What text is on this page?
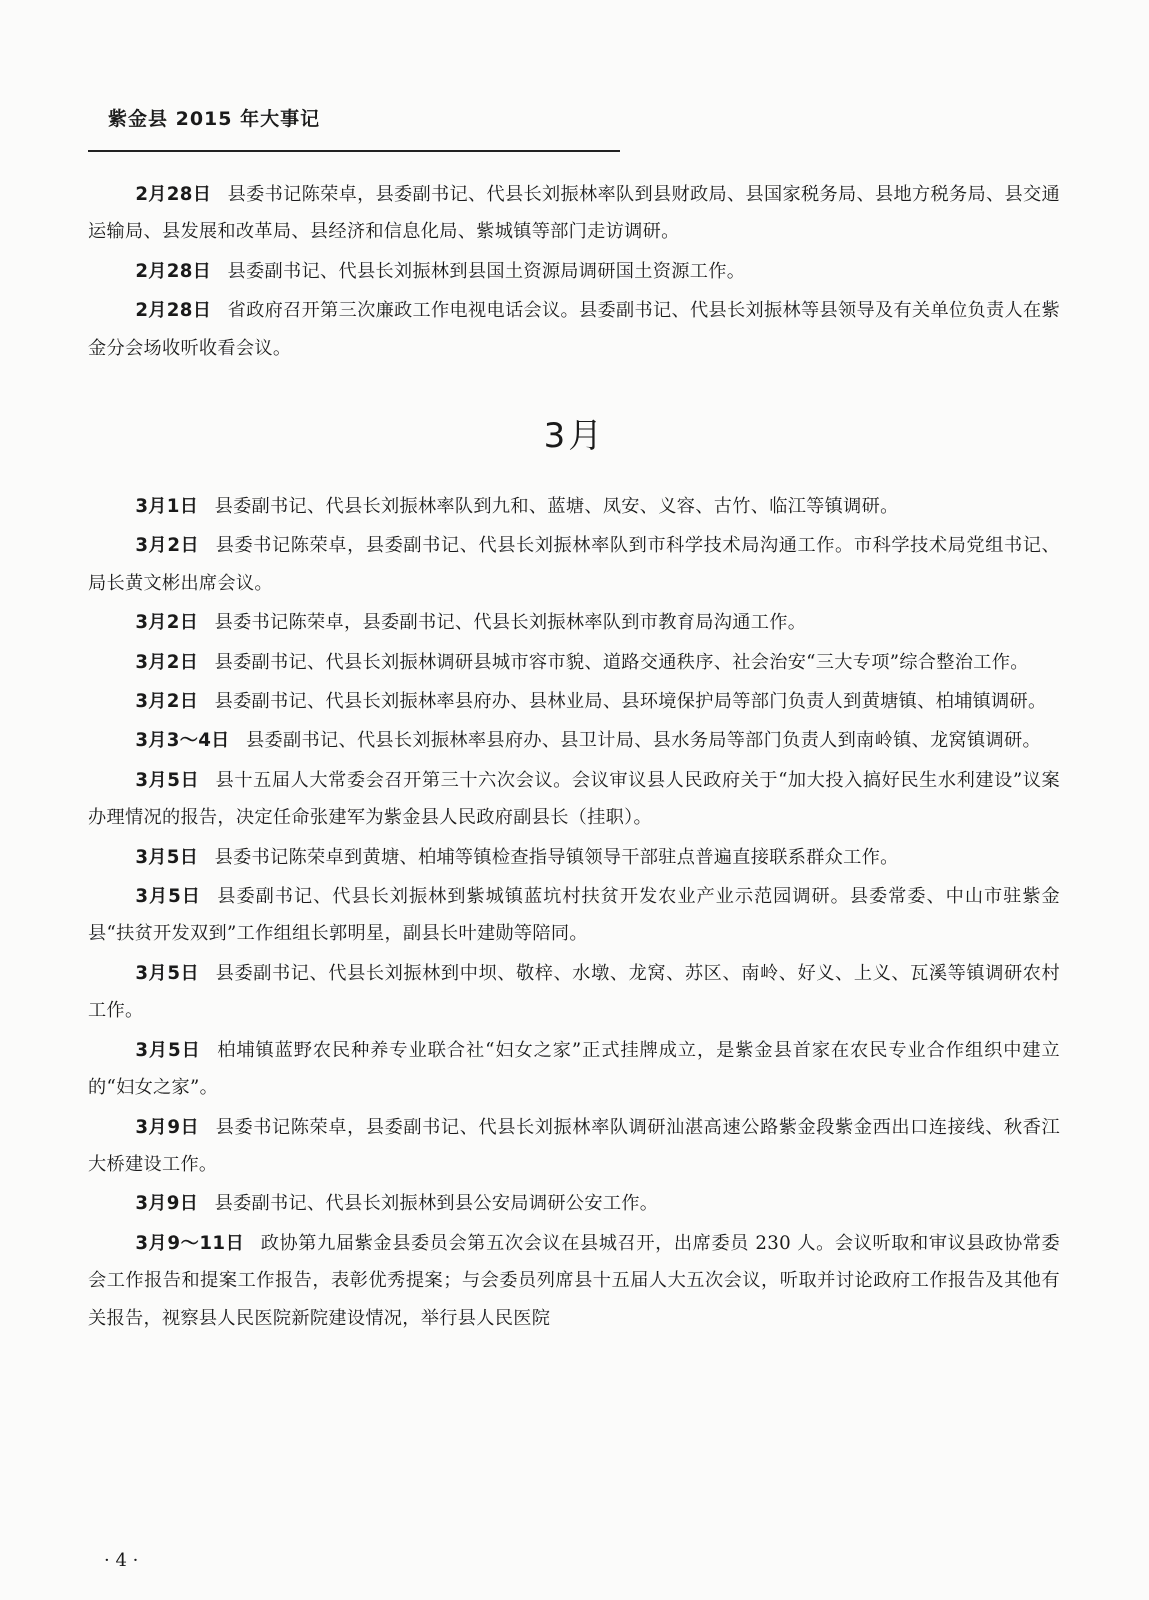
紫金县 2015 年大事记

2月28日 县委书记陈荣卓，县委副书记、代县长刘振林率队到县财政局、县国家税务局、县地方税务局、县交通运输局、县发展和改革局、县经济和信息化局、紫城镇等部门走访调研。

2月28日 县委副书记、代县长刘振林到县国土资源局调研国土资源工作。

2月28日 省政府召开第三次廉政工作电视电话会议。县委副书记、代县长刘振林等县领导及有关单位负责人在紫金分会场收听收看会议。

3月

3月1日 县委副书记、代县长刘振林率队到九和、蓝塘、凤安、义容、古竹、临江等镇调研。

3月2日 县委书记陈荣卓，县委副书记、代县长刘振林率队到市科学技术局沟通工作。市科学技术局党组书记、局长黄文彬出席会议。

3月2日 县委书记陈荣卓，县委副书记、代县长刘振林率队到市教育局沟通工作。

3月2日 县委副书记、代县长刘振林调研县城市容市貌、道路交通秩序、社会治安“三大专项”综合整治工作。

3月2日 县委副书记、代县长刘振林率县府办、县林业局、县环境保护局等部门负责人到黄塘镇、柏埔镇调研。

3月3～4日 县委副书记、代县长刘振林率县府办、县卫计局、县水务局等部门负责人到南岭镇、龙窝镇调研。

3月5日 县十五届人大常委会召开第三十六次会议。会议审议县人民政府关于“加大投入搞好民生水利建设”议案办理情况的报告，决定任命张建军为紫金县人民政府副县长（挂职）。

3月5日 县委书记陈荣卓到黄塘、柏埔等镇检查指导镇领导干部驻点普遍直接联系群众工作。

3月5日 县委副书记、代县长刘振林到紫城镇蓝坑村扶贫开发农业产业示范园调研。县委常委、中山市驻紫金县“扶贫开发双到”工作组组长郭明星，副县长叶建勋等陪同。

3月5日 县委副书记、代县长刘振林到中坝、敬梓、水墩、龙窝、苏区、南岭、好义、上义、瓦溪等镇调研农村工作。

3月5日 柏埔镇蓝野农民种养专业联合社“妇女之家”正式挂牌成立，是紫金县首家在农民专业合作组织中建立的“妇女之家”。

3月9日 县委书记陈荣卓，县委副书记、代县长刘振林率队调研汕湛高速公路紫金段紫金西出口连接线、秋香江大桥建设工作。

3月9日 县委副书记、代县长刘振林到县公安局调研公安工作。

3月9～11日 政协第九届紫金县委员会第五次会议在县城召开，出席委员 230 人。会议听取和审议县政协常委会工作报告和提案工作报告，表彰优秀提案；与会委员列席县十五届人大五次会议，听取并讨论政府工作报告及其他有关报告，视察县人民医院新院建设情况，举行县人民医院

· 4 ·
